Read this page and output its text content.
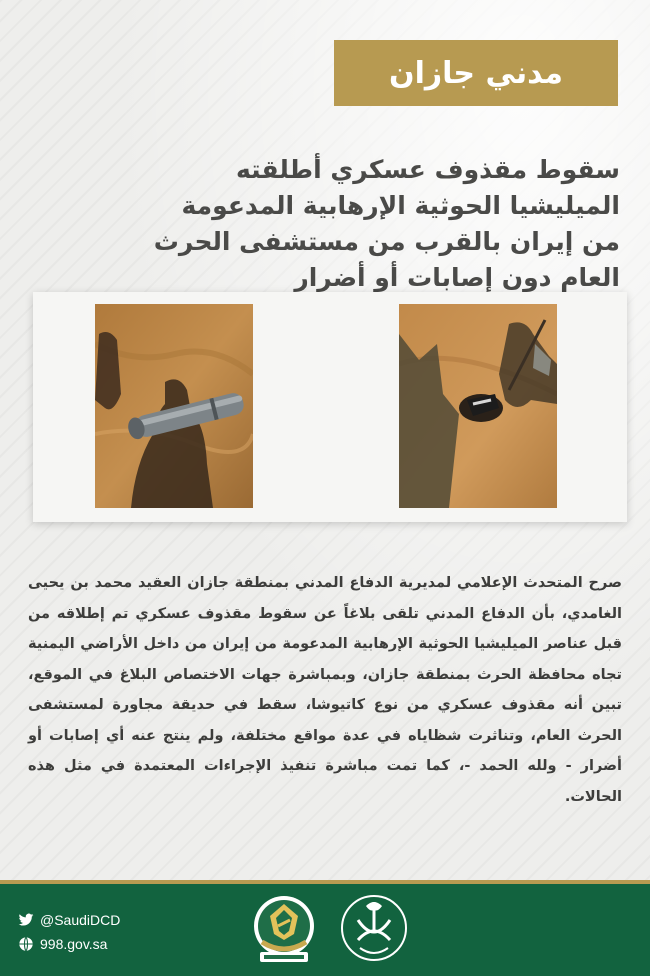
مدني جازان
سقوط مقذوف عسكري أطلقته الميليشيا الحوثية الإرهابية المدعومة من إيران بالقرب من مستشفى الحرث العام دون إصابات أو أضرار
صرح المتحدث الإعلامي لمديرية الدفاع المدني بمنطقة جازان العقيد محمد بن يحيى الغامدي، بأن الدفاع المدني تلقى بلاغاً عن سقوط مقذوف عسكري تم إطلاقه من قبل عناصر الميليشيا الحوثية الإرهابية المدعومة من إيران من داخل الأراضي اليمنية تجاه محافظة الحرث بمنطقة جازان، وبمباشرة جهات الاختصاص البلاغ في الموقع، تبين أنه مقذوف عسكري من نوع كاتيوشا، سقط في حديقة مجاورة لمستشفى الحرث العام، وتناثرت شظاياه في عدة مواقع مختلفة، ولم ينتج عنه أي إصابات أو أضرار - ولله الحمد -، كما تمت مباشرة تنفيذ الإجراءات المعتمدة في مثل هذه الحالات.
@SaudiDCD
998.gov.sa
